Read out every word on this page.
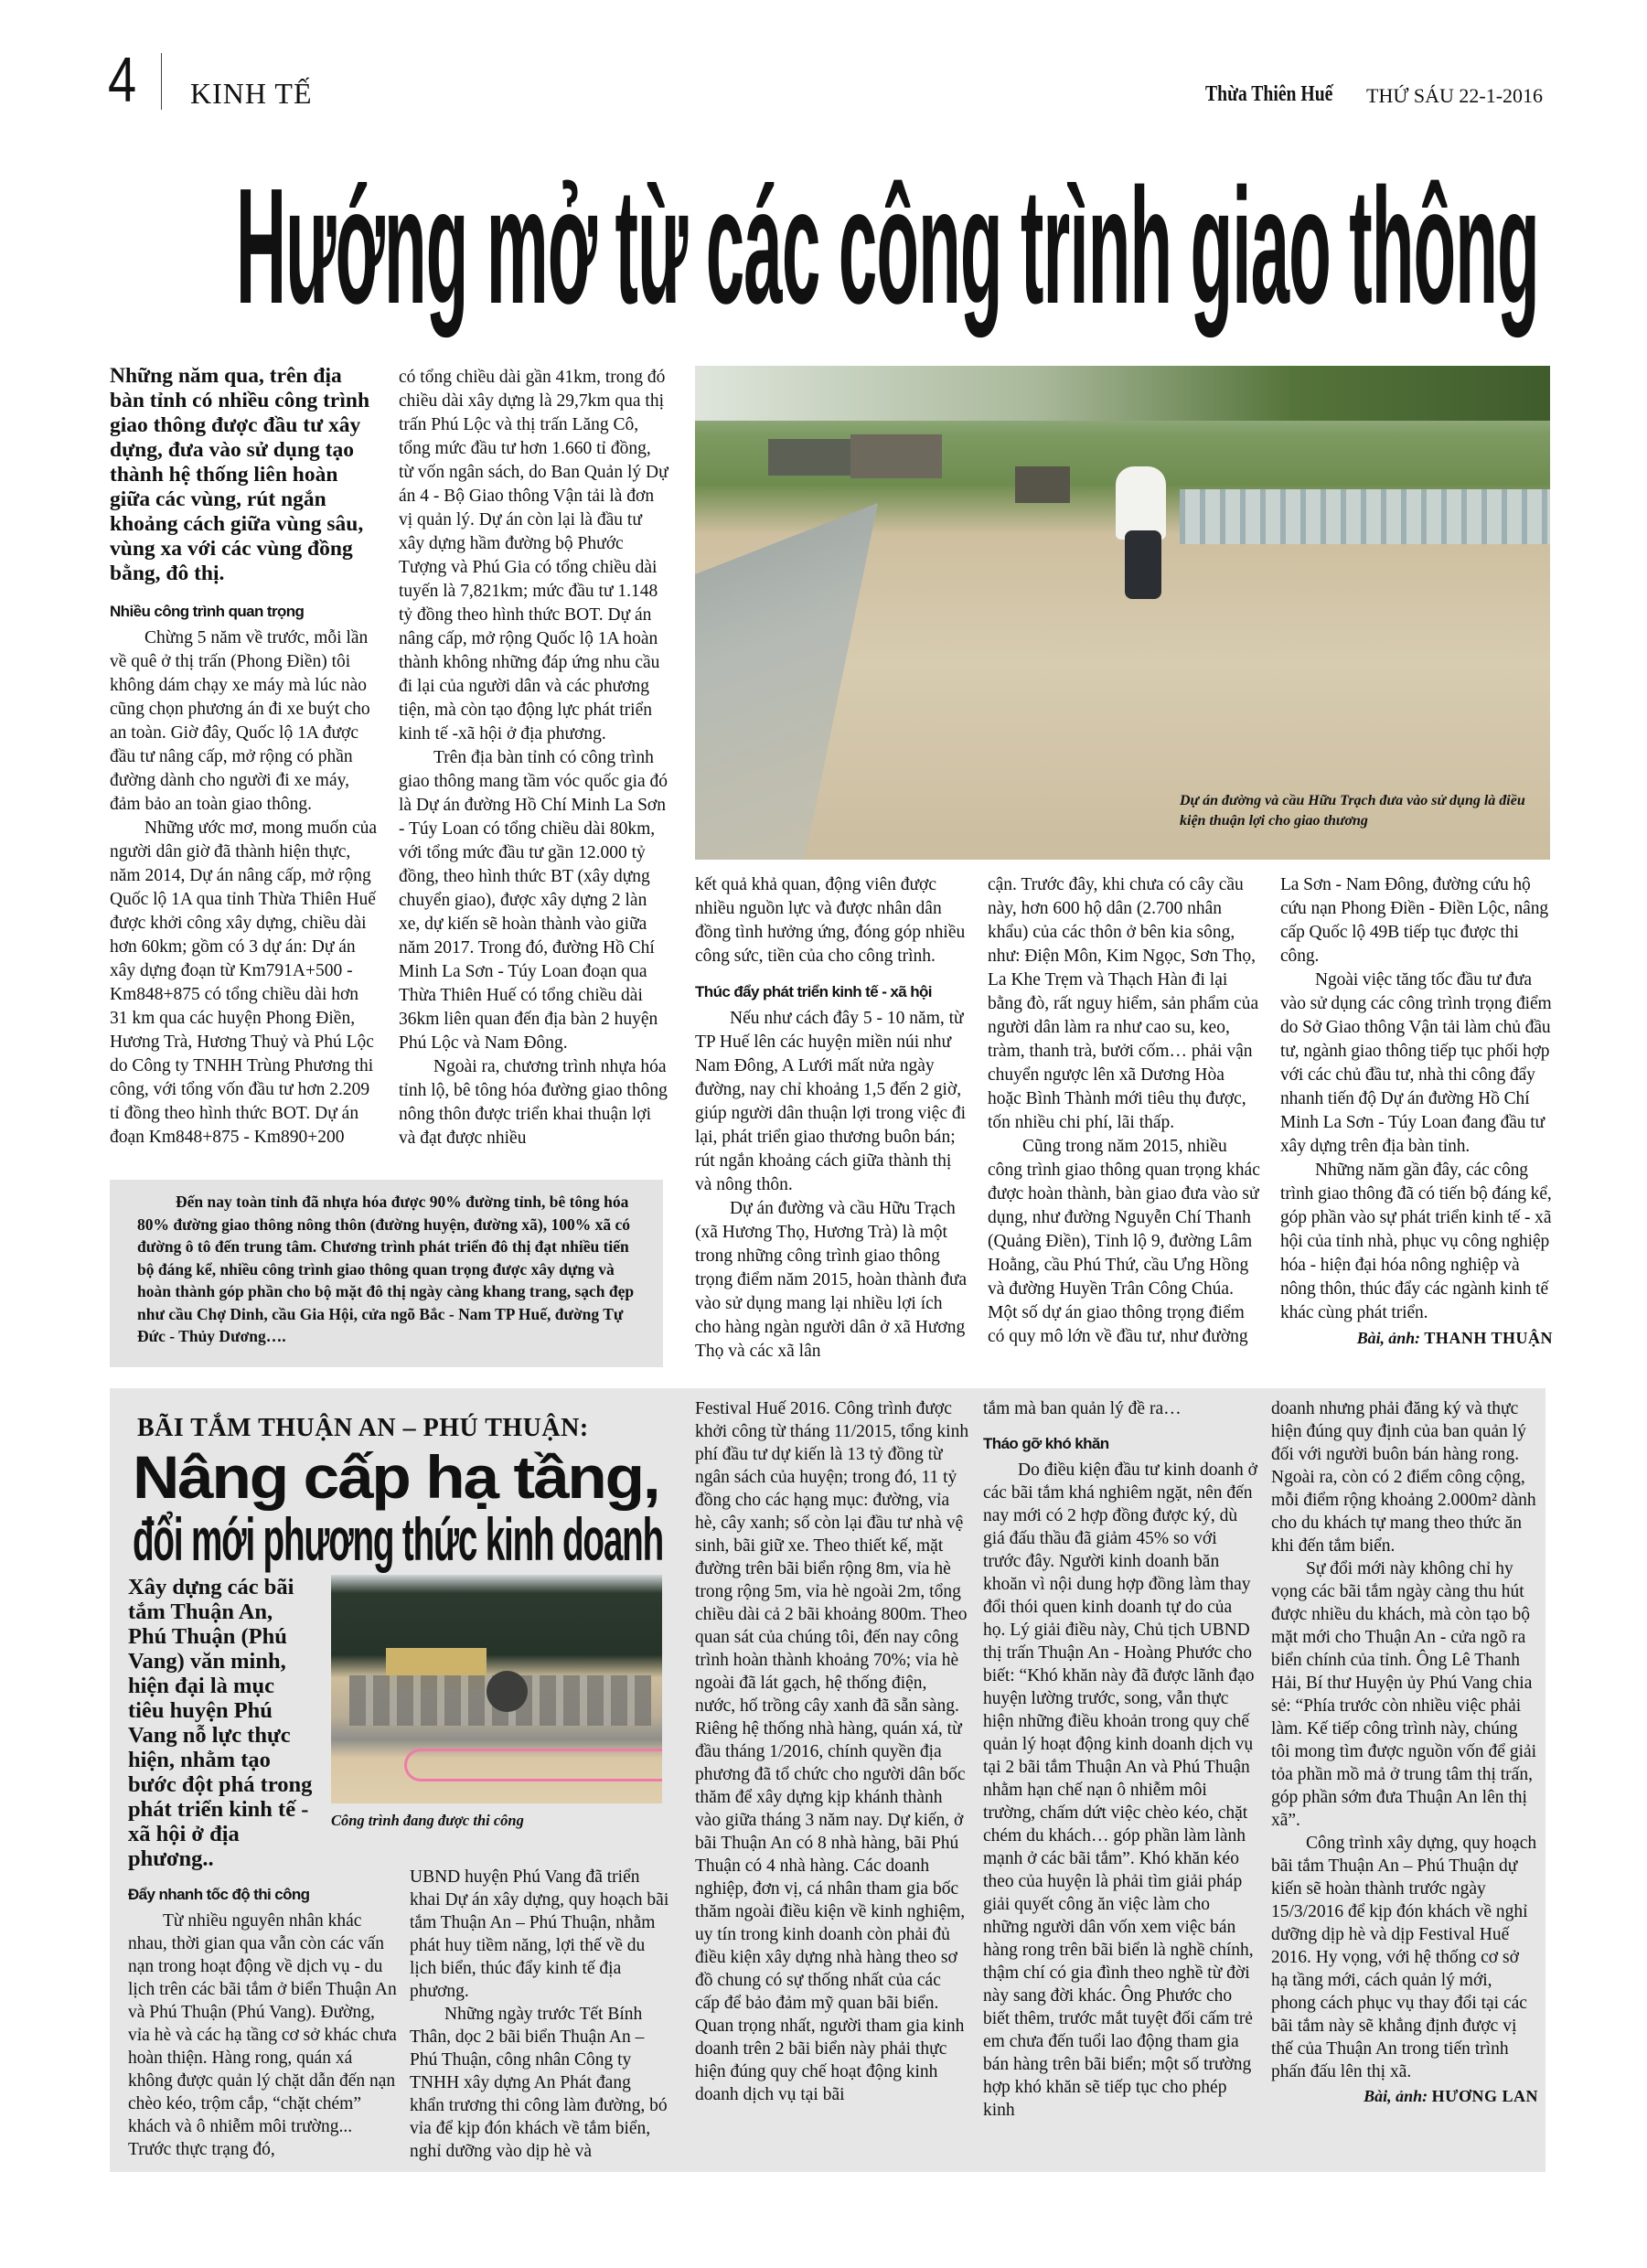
4 KINH TẾ	Thừa Thiên Huế THỨ SÁU 22-1-2016
Hướng mở từ các công trình giao thông
Những năm qua, trên địa bàn tỉnh có nhiều công trình giao thông được đầu tư xây dựng, đưa vào sử dụng tạo thành hệ thống liên hoàn giữa các vùng, rút ngắn khoảng cách giữa vùng sâu, vùng xa với các vùng đồng bằng, đô thị.
Nhiều công trình quan trọng

Chừng 5 năm về trước, mỗi lần về quê ở thị trấn (Phong Điền) tôi không dám chạy xe máy mà lúc nào cũng chọn phương án đi xe buýt cho an toàn. Giờ đây, Quốc lộ 1A được đầu tư nâng cấp, mở rộng có phần đường dành cho người đi xe máy, đảm bảo an toàn giao thông.

Những ước mơ, mong muốn của người dân giờ đã thành hiện thực, năm 2014, Dự án nâng cấp, mở rộng Quốc lộ 1A qua tỉnh Thừa Thiên Huế được khởi công xây dựng, chiều dài hơn 60km; gồm có 3 dự án: Dự án xây dựng đoạn từ Km791A+500 - Km848+875 có tổng chiều dài hơn 31 km qua các huyện Phong Điền, Hương Trà, Hương Thuỷ và Phú Lộc do Công ty TNHH Trùng Phương thi công, với tổng vốn đầu tư hơn 2.209 tỉ đồng theo hình thức BOT. Dự án đoạn Km848+875 - Km890+200

có tổng chiều dài gần 41km, trong đó chiều dài xây dựng là 29,7km qua thị trấn Phú Lộc và thị trấn Lăng Cô, tổng mức đầu tư hơn 1.660 tỉ đồng, từ vốn ngân sách, do Ban Quản lý Dự án 4 - Bộ Giao thông Vận tải là đơn vị quản lý. Dự án còn lại là đầu tư xây dựng hầm đường bộ Phước Tượng và Phú Gia có tổng chiều dài tuyến là 7,821km; mức đầu tư 1.148 tỷ đồng theo hình thức BOT. Dự án nâng cấp, mở rộng Quốc lộ 1A hoàn thành không những đáp ứng nhu cầu đi lại của người dân và các phương tiện, mà còn tạo động lực phát triển kinh tế -xã hội ở địa phương.

Trên địa bàn tỉnh có công trình giao thông mang tầm vóc quốc gia đó là Dự án đường Hồ Chí Minh La Sơn - Túy Loan có tổng chiều dài 80km, với tổng mức đầu tư gần 12.000 tỷ đồng, theo hình thức BT (xây dựng chuyển giao), được xây dựng 2 làn xe, dự kiến sẽ hoàn thành vào giữa năm 2017. Trong đó, đường Hồ Chí Minh La Sơn - Túy Loan đoạn qua Thừa Thiên Huế có tổng chiều dài 36km liên quan đến địa bàn 2 huyện Phú Lộc và Nam Đông.

Ngoài ra, chương trình nhựa hóa tỉnh lộ, bê tông hóa đường giao thông nông thôn được triển khai thuận lợi và đạt được nhiều

Dự án đường và cầu Hữu Trạch đưa vào sử dụng là điều kiện thuận lợi cho giao thương

kết quả khả quan, động viên được nhiều nguồn lực và được nhân dân đồng tình hưởng ứng, đóng góp nhiều công sức, tiền của cho công trình.

Thúc đẩy phát triển kinh tế - xã hội

Nếu như cách đây 5 - 10 năm, từ TP Huế lên các huyện miền núi như Nam Đông, A Lưới mất nửa ngày đường, nay chỉ khoảng 1,5 đến 2 giờ, giúp người dân thuận lợi trong việc đi lại, phát triển giao thương buôn bán; rút ngắn khoảng cách giữa thành thị và nông thôn.

Dự án đường và cầu Hữu Trạch (xã Hương Thọ, Hương Trà) là một trong những công trình giao thông trọng điểm năm 2015, hoàn thành đưa vào sử dụng mang lại nhiều lợi ích cho hàng ngàn người dân ở xã Hương Thọ và các xã lân

cận. Trước đây, khi chưa có cây cầu này, hơn 600 hộ dân (2.700 nhân khẩu) của các thôn ở bên kia sông, như: Điện Môn, Kim Ngọc, Sơn Thọ, La Khe Trẹm và Thạch Hàn đi lại bằng đò, rất nguy hiểm, sản phẩm của người dân làm ra như cao su, keo, tràm, thanh trà, bưởi cốm… phải vận chuyển ngược lên xã Dương Hòa hoặc Bình Thành mới tiêu thụ được, tốn nhiều chi phí, lãi thấp.

Cũng trong năm 2015, nhiều công trình giao thông quan trọng khác được hoàn thành, bàn giao đưa vào sử dụng, như đường Nguyễn Chí Thanh (Quảng Điền), Tỉnh lộ 9, đường Lâm Hoằng, cầu Phú Thứ, cầu Ưng Hồng và đường Huyền Trân Công Chúa. Một số dự án giao thông trọng điểm có quy mô lớn về đầu tư, như đường

La Sơn - Nam Đông, đường cứu hộ cứu nạn Phong Điền - Điền Lộc, nâng cấp Quốc lộ 49B tiếp tục được thi công.

Ngoài việc tăng tốc đầu tư đưa vào sử dụng các công trình trọng điểm do Sở Giao thông Vận tải làm chủ đầu tư, ngành giao thông tiếp tục phối hợp với các chủ đầu tư, nhà thi công đẩy nhanh tiến độ Dự án đường Hồ Chí Minh La Sơn - Túy Loan đang đầu tư xây dựng trên địa bàn tỉnh.

Những năm gần đây, các công trình giao thông đã có tiến bộ đáng kể, góp phần vào sự phát triển kinh tế - xã hội của tỉnh nhà, phục vụ công nghiệp hóa - hiện đại hóa nông nghiệp và nông thôn, thúc đẩy các ngành kinh tế khác cùng phát triển.

Bài, ảnh: THANH THUẬN
Đến nay toàn tỉnh đã nhựa hóa được 90% đường tỉnh, bê tông hóa 80% đường giao thông nông thôn (đường huyện, đường xã), 100% xã có đường ô tô đến trung tâm. Chương trình phát triển đô thị đạt nhiều tiến bộ đáng kể, nhiều công trình giao thông quan trọng được xây dựng và hoàn thành góp phần cho bộ mặt đô thị ngày càng khang trang, sạch đẹp như cầu Chợ Dinh, cầu Gia Hội, cửa ngõ Bắc - Nam TP Huế, đường Tự Đức - Thủy Dương….
BÃI TẮM THUẬN AN – PHÚ THUẬN:
Nâng cấp hạ tầng,
đổi mới phương thức kinh doanh
Xây dựng các bãi tắm Thuận An, Phú Thuận (Phú Vang) văn minh, hiện đại là mục tiêu huyện Phú Vang nỗ lực thực hiện, nhằm tạo bước đột phá trong phát triển kinh tế - xã hội ở địa phương..
Đẩy nhanh tốc độ thi công

Từ nhiều nguyên nhân khác nhau, thời gian qua vẫn còn các vấn nạn trong hoạt động về dịch vụ - du lịch trên các bãi tắm ở biển Thuận An và Phú Thuận (Phú Vang). Đường, vỉa hè và các hạ tầng cơ sở khác chưa hoàn thiện. Hàng rong, quán xá không được quản lý chặt dẫn đến nạn chèo kéo, trộm cắp, “chặt chém” khách và ô nhiễm môi trường... Trước thực trạng đó,

Công trình đang được thi công

UBND huyện Phú Vang đã triển khai Dự án xây dựng, quy hoạch bãi tắm Thuận An – Phú Thuận, nhằm phát huy tiềm năng, lợi thế về du lịch biển, thúc đẩy kinh tế địa phương.

Những ngày trước Tết Bính Thân, dọc 2 bãi biển Thuận An – Phú Thuận, công nhân Công ty TNHH xây dựng An Phát đang khẩn trương thi công làm đường, bó vỉa để kịp đón khách về tắm biển, nghỉ dưỡng vào dịp hè và

Festival Huế 2016. Công trình được khởi công từ tháng 11/2015, tổng kinh phí đầu tư dự kiến là 13 tỷ đồng từ ngân sách của huyện; trong đó, 11 tỷ đồng cho các hạng mục: đường, vỉa hè, cây xanh; số còn lại đầu tư nhà vệ sinh, bãi giữ xe. Theo thiết kế, mặt đường trên bãi biển rộng 8m, vỉa hè trong rộng 5m, vỉa hè ngoài 2m, tổng chiều dài cả 2 bãi khoảng 800m. Theo quan sát của chúng tôi, đến nay công trình hoàn thành khoảng 70%; vỉa hè ngoài đã lát gạch, hệ thống điện, nước, hố trồng cây xanh đã sẵn sàng. Riêng hệ thống nhà hàng, quán xá, từ đầu tháng 1/2016, chính quyền địa phương đã tổ chức cho người dân bốc thăm để xây dựng kịp khánh thành vào giữa tháng 3 năm nay. Dự kiến, ở bãi Thuận An có 8 nhà hàng, bãi Phú Thuận có 4 nhà hàng. Các doanh nghiệp, đơn vị, cá nhân tham gia bốc thăm ngoài điều kiện về kinh nghiệm, uy tín trong kinh doanh còn phải đủ điều kiện xây dựng nhà hàng theo sơ đồ chung có sự thống nhất của các cấp để bảo đảm mỹ quan bãi biển. Quan trọng nhất, người tham gia kinh doanh trên 2 bãi biển này phải thực hiện đúng quy chế hoạt động kinh doanh dịch vụ tại bãi

tắm mà ban quản lý đề ra…

Tháo gỡ khó khăn

Do điều kiện đầu tư kinh doanh ở các bãi tắm khá nghiêm ngặt, nên đến nay mới có 2 hợp đồng được ký, dù giá đấu thầu đã giảm 45% so với trước đây. Người kinh doanh băn khoăn vì nội dung hợp đồng làm thay đổi thói quen kinh doanh tự do của họ. Lý giải điều này, Chủ tịch UBND thị trấn Thuận An - Hoàng Phước cho biết: “Khó khăn này đã được lãnh đạo huyện lường trước, song, vẫn thực hiện những điều khoản trong quy chế quản lý hoạt động kinh doanh dịch vụ tại 2 bãi tắm Thuận An và Phú Thuận nhằm hạn chế nạn ô nhiễm môi trường, chấm dứt việc chèo kéo, chặt chém du khách… góp phần làm lành mạnh ở các bãi tắm”. Khó khăn kéo theo của huyện là phải tìm giải pháp giải quyết công ăn việc làm cho những người dân vốn xem việc bán hàng rong trên bãi biển là nghề chính, thậm chí có gia đình theo nghề từ đời này sang đời khác. Ông Phước cho biết thêm, trước mắt tuyệt đối cấm trẻ em chưa đến tuổi lao động tham gia bán hàng trên bãi biển; một số trường hợp khó khăn sẽ tiếp tục cho phép kinh

doanh nhưng phải đăng ký và thực hiện đúng quy định của ban quản lý đối với người buôn bán hàng rong. Ngoài ra, còn có 2 điểm công cộng, mỗi điểm rộng khoảng 2.000m² dành cho du khách tự mang theo thức ăn khi đến tắm biển.

Sự đổi mới này không chỉ hy vọng các bãi tắm ngày càng thu hút được nhiều du khách, mà còn tạo bộ mặt mới cho Thuận An - cửa ngõ ra biển chính của tỉnh. Ông Lê Thanh Hải, Bí thư Huyện ủy Phú Vang chia sẻ: “Phía trước còn nhiều việc phải làm. Kế tiếp công trình này, chúng tôi mong tìm được nguồn vốn để giải tỏa phần mồ mả ở trung tâm thị trấn, góp phần sớm đưa Thuận An lên thị xã”.

Công trình xây dựng, quy hoạch bãi tắm Thuận An – Phú Thuận dự kiến sẽ hoàn thành trước ngày 15/3/2016 để kịp đón khách về nghỉ dưỡng dịp hè và dịp Festival Huế 2016. Hy vọng, với hệ thống cơ sở hạ tầng mới, cách quản lý mới, phong cách phục vụ thay đổi tại các bãi tắm này sẽ khẳng định được vị thế của Thuận An trong tiến trình phấn đấu lên thị xã.

Bài, ảnh: HƯƠNG LAN
